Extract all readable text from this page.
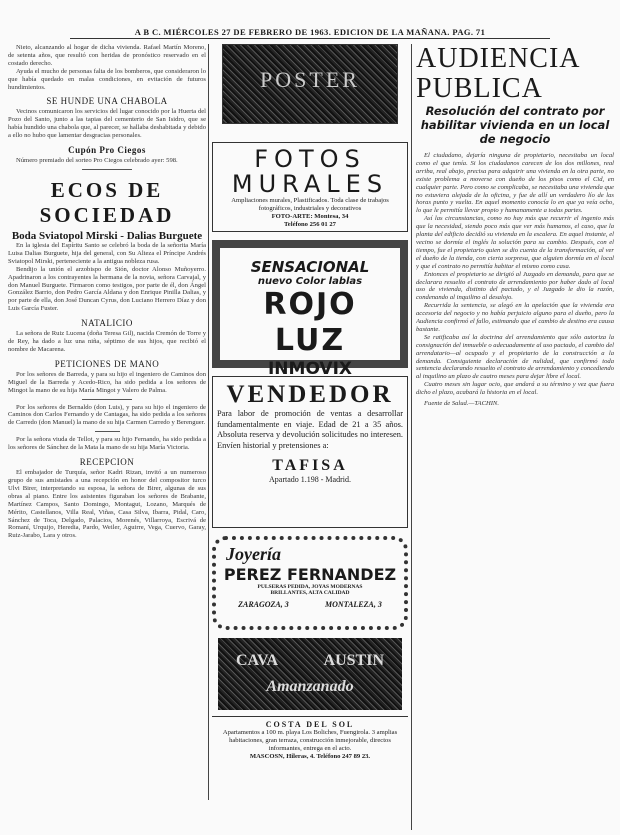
A B C. MIÉRCOLES 27 DE FEBRERO DE 1963. EDICION DE LA MAÑANA. PAG. 71

Nieto, alcanzando al hogar de dicha vivienda. Rafael Martín Moreno, de setenta años, que resultó con heridas de pronóstico reservado en el costado derecho.

Ayuda el mucho de personas falta de los bomberos, que consideraron lo que había quedado en malas condiciones, en evitación de futuros hundimientos.

SE HUNDE UNA CHABOLA

Vecinos comunicaron los servicios del lugar conocido por la Huerta del Pozo del Santo, junto a las tapias del cementerio de San Isidro, que se había hundido una chabola que, al parecer, se hallaba deshabitada y debido a ello no hubo que lamentar desgracias personales.

Cupón Pro Ciegos

Número premiado del sorteo Pro Ciegos celebrado ayer: 598.

ECOS DE SOCIEDAD
Boda Sviatopol Mirski - Dalias Burguete

En la iglesia del Espíritu Santo se celebró la boda de la señorita María Luisa Dalias Burguete, hija del general, con Su Alteza el Príncipe Andrés Sviatopol Mirski, perteneciente a la antigua nobleza rusa.

Bendijo la unión el arzobispo de Sión, doctor Alonso Muñoyerro. Apadrinaron a los contrayentes la hermana de la novia, señora Carvajal, y don Manuel Burguete. Firmaron como testigos, por parte de él, don Ángel González Barrio, don Pedro García Aldana y don Enrique Pinilla Dalias, y por parte de ella, don José Duncan Cyrus, don Luciano Herrero Díaz y don Luis García Fuster.

NATALICIO

La señora de Ruiz Lucena (doña Teresa Gil), nacida Cremón de Torre y de Rey, ha dado a luz una niña, séptimo de sus hijos, que recibió el nombre de Macarena.

PETICIONES DE MANO

Por los señores de Barreda, y para su hijo el ingeniero de Caminos don Miguel de la Barreda y Acedo-Rico, ha sido pedida a los señores de Mingot la mano de su hija María Mingot y Valero de Palma.

Por los señores de Bernaldo (don Luis), y para su hijo el ingeniero de Caminos don Carlos Fernando y de Cantagas, ha sido pedida a los señores de Carredo (don Manuel) la mano de su hija Carmen Carredo y Berenguer.

Por la señora viuda de Tellot, y para su hijo Fernando, ha sido pedida a los señores de Sánchez de la Mata la mano de su hija María Victoria.

RECEPCION

El embajador de Turquía, señor Kadri Rizan, invitó a un numeroso grupo de sus amistades a una recepción en honor del compositor turco Ulvi Birer, interpretando su esposa, la señora de Birer, algunas de sus obras al piano. Entre los asistentes figuraban los señores de Brabante, Martínez Campos, Santo Domingo, Montagut, Lozano, Marqués de Mérito, Castellanos, Villa Real, Viñas, Casa Silva, Ibarra, Pidal, Caro, Sánchez de Toca, Delgado, Palacios, Morenés, Villarroya, Escrivá de Romaní, Urquijo, Heredia, Pardo, Weiler, Aguirre, Vega, Cuervo, Garay, Ruiz-Jarabo, Lara y otros.

POSTER
FOTOS
MURALES
Ampliaciones murales, Plastificados. Toda clase de trabajos fotográficos, industriales y decorativos
FOTO-ARTE: Montesa, 34
Teléfono 256 01 27
SENSACIONAL
nuevo Color lablas
ROJO LUZ
INMOVIX
VENDEDOR
Para labor de promoción de ventas a desarrollar fundamentalmente en viaje. Edad de 21 a 35 años. Absoluta reserva y devolución solicitudes no interesen. Envíen historial y pretensiones a:
TAFISA
Apartado 1.198 - Madrid.
Joyería
PEREZ FERNANDEZ
PULSERAS PEDIDA, JOYAS MODERNAS
BRILLANTES, ALTA CALIDAD
ZARAGOZA, 3	MONTALEZA, 3
CAVA	AUSTIN
Amanzanado
COSTA DEL SOL
Apartamentos a 100 m. playa Los Boliches, Fuengirola. 3 amplias habitaciones, gran terraza, construcción inmejorable, directos informantes, entrega en el acto.
MASCOSN, Hileras, 4. Teléfono 247 89 23.
AUDIENCIA PUBLICA
Resolución del contrato por habilitar vivienda en un local de negocio

El ciudadano, dejaría ninguna de propietario, necesitaba un local como el que tenía. Si los ciudadanos carecen de los dos millones, real arriba, real abajo, precisa para adquirir una vivienda en la otra parte, no existe problema a moverse con dueño de los pisos como el Cid, en cualquier parte. Pero como se complicaba, se necesitaba una vivienda que no estuviera alejada de la oficina, y fue de allí un verdadero lío de las horas punto y vuelta. En aquel momento conocía lo en que ya veía ocho, lo que le permitía llevar propio y humanamente a todas partes.

Así las circunstancias, como no hay más que recurrir el ingenio más que la necesidad, siendo poco más que ver más humanos, el caso, que la planta del edificio decidió su vivienda en la escalera. En aquel instante, el vecino se dormía el inglés la solución para su cambio. Después, con el tiempo, fue el propietario quien se dio cuenta de la transformación, al ver el dueño de la tienda, con cierta sorpresa, que alguien dormía en el local y que el contrato no permitía habitar el mismo como casa.

Entonces el propietario se dirigió al Juzgado en demanda, para que se declarara resuelto el contrato de arrendamiento por haber dado al local uso de vivienda, distinto del pactado, y el Juzgado le dio la razón, condenando al inquilino al desalojo.

Recurrida la sentencia, se alegó en la apelación que la vivienda era accesoria del negocio y no había perjuicio alguno para el dueño, pero la Audiencia confirmó el fallo, estimando que el cambio de destino era causa bastante.

Se ratificaba así la doctrina del arrendamiento que sólo autoriza la consignación del inmueble o adecuadamente al uso pactado, el cambio del arrendatario—al ocupado y el propietario de la construcción a la demanda. Consiguiente declaración de nulidad, que confirmó toda sentencia declarando resuelto el contrato de arrendamiento y concediendo al inquilino un plazo de cuatro meses para dejar libre el local.

Cuatro meses sin lugar ocio, que andará a su término y vez que fuera dicho el plazo, acabará la historia en el local.

Fuente de Salud.—TACHIN.
